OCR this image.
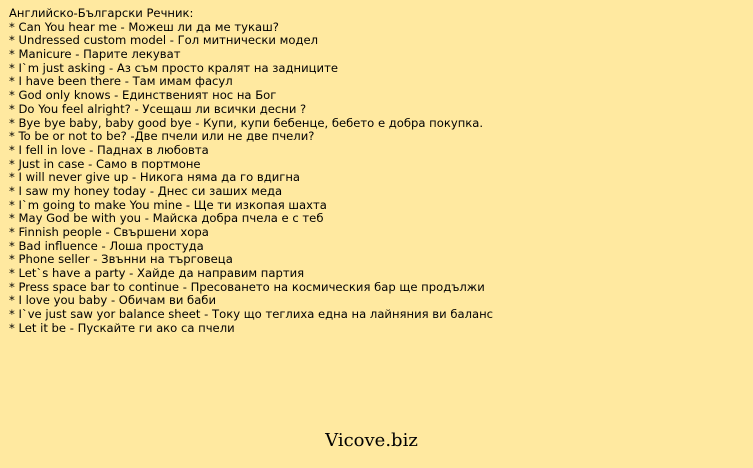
Английско-Български Речник:
* Can You hear me - Можеш ли да ме тукаш?
* Undressed custom model - Гол митнически модел
* Manicure - Парите лекуват
* I`m just asking - Аз съм просто кралят на задниците
* I have been there - Там имам фасул
* God only knows - Единственият нос на Бог
* Do You feel alright? - Усещаш ли всички десни ?
* Bye bye baby, baby good bye - Купи, купи бебенце, бебето е добра покупка.
* To be or not to be? -Две пчели или не две пчели?
* I fell in love - Паднах в любовта
* Just in case - Само в портмоне
* I will never give up - Никога няма да го вдигна
* I saw my honey today - Днес си заших меда
* I`m going to make You mine - Ще ти изкопая шахта
* May God be with you - Майска добра пчела е с теб
* Finnish people - Свършени хора
* Bad influence - Лоша простуда
* Phone seller - Звънни на търговеца
* Let`s have a party - Хайде да направим партия
* Press space bar to continue - Пресоването на космическия бар ще продължи
* I love you baby - Обичам ви баби
* I`ve just saw yor balance sheet - Току що теглиха една на лайняния ви баланс
* Let it be - Пускайте ги ако са пчели
Vicove.biz
